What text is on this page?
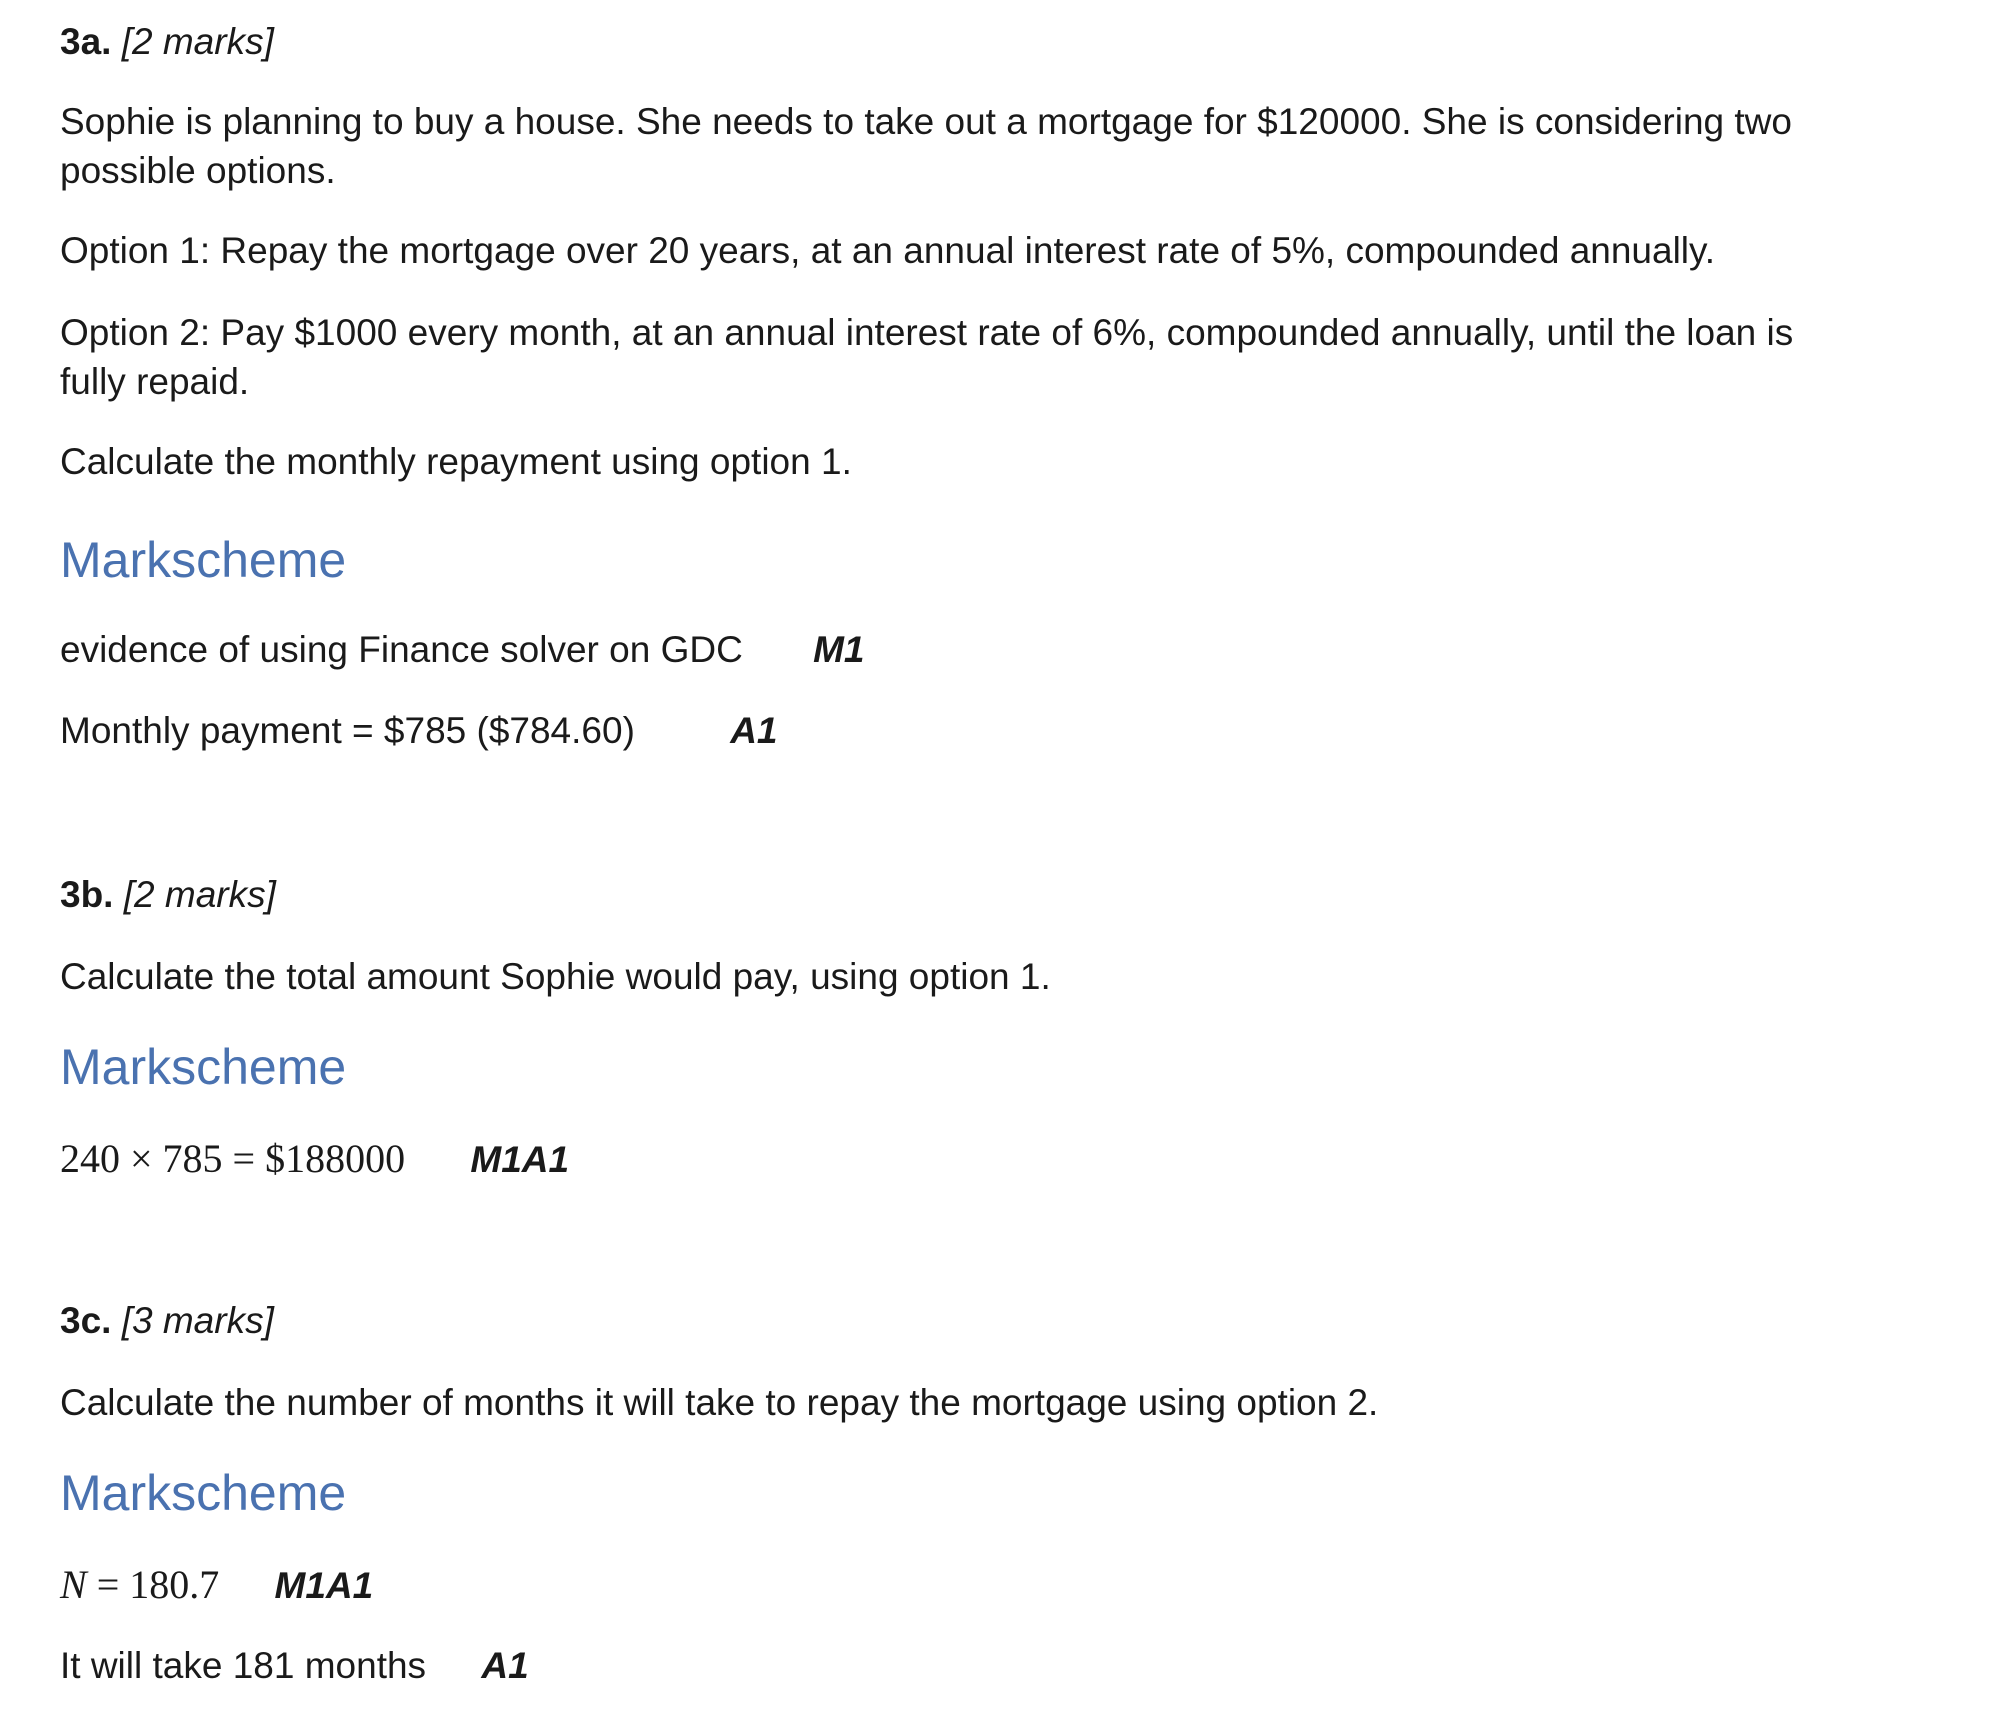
3a. [2 marks]
Sophie is planning to buy a house. She needs to take out a mortgage for $120000. She is considering two
possible options.
Option 1: Repay the mortgage over 20 years, at an annual interest rate of 5%, compounded annually.
Option 2: Pay $1000 every month, at an annual interest rate of 6%, compounded annually, until the loan is
fully repaid.
Calculate the monthly repayment using option 1.
Markscheme
evidence of using Finance solver on GDC M1
Monthly payment = $785 ($784.60)	A1
3b. [2 marks]
Calculate the total amount Sophie would pay, using option 1.
Markscheme
240 × 785 = $188000 M1A1
3c. [3 marks]
Calculate the number of months it will take to repay the mortgage using option 2.
Markscheme
N = 180.7 M1A1
It will take 181 months A1
